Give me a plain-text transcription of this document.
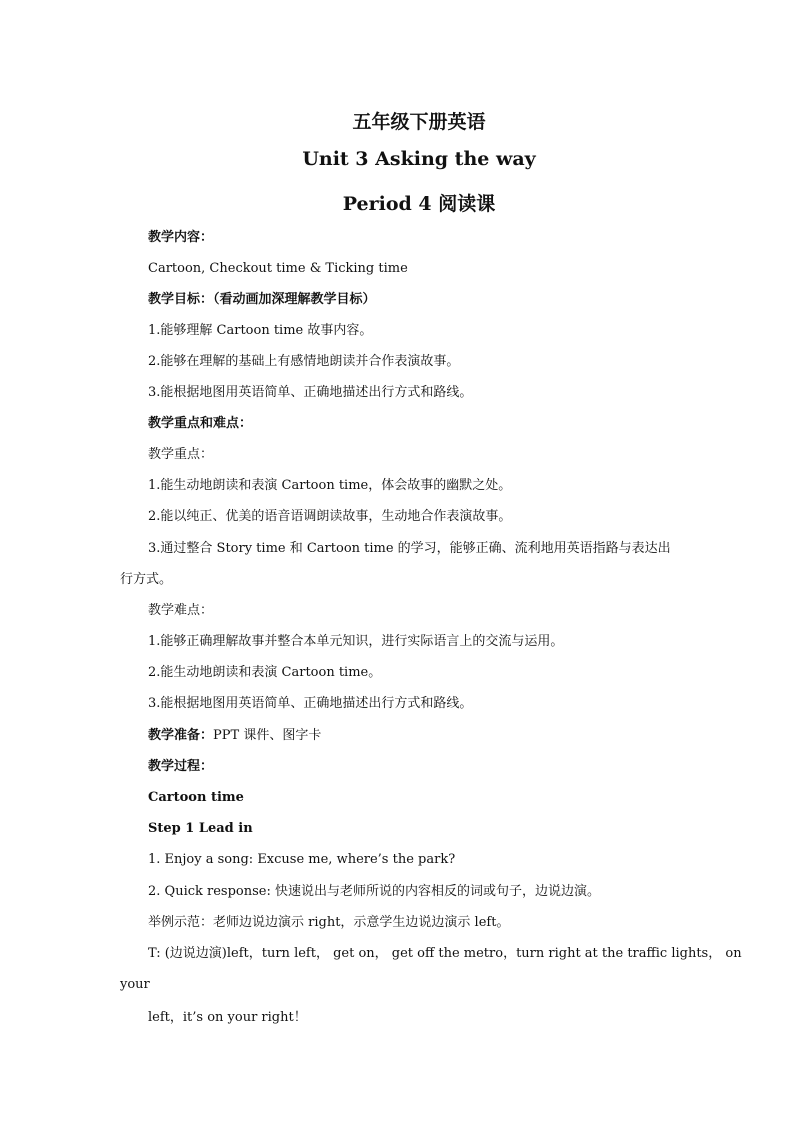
五年级下册英语
Unit 3 Asking the way
Period 4 阅读课
教学内容：
Cartoon, Checkout time & Ticking time
教学目标：（看动画加深理解教学目标）
1.能够理解 Cartoon time 故事内容。
2.能够在理解的基础上有感情地朗读并合作表演故事。
3.能根据地图用英语简单、正确地描述出行方式和路线。
教学重点和难点：
教学重点：
1.能生动地朗读和表演 Cartoon time，体会故事的幽默之处。
2.能以纯正、优美的语音语调朗读故事，生动地合作表演故事。
3.通过整合 Story time 和 Cartoon time 的学习，能够正确、流利地用英语指路与表达出
行方式。
教学难点：
1.能够正确理解故事并整合本单元知识，进行实际语言上的交流与运用。
2.能生动地朗读和表演 Cartoon time。
3.能根据地图用英语简单、正确地描述出行方式和路线。
教学准备：PPT 课件、图字卡
教学过程：
Cartoon time
Step 1 Lead in
1. Enjoy a song: Excuse me, where’s the park?
2. Quick response: 快速说出与老师所说的内容相反的词或句子，边说边演。
举例示范：老师边说边演示 right，示意学生边说边演示 left。
T: (边说边演)left，turn left， get on， get off the metro，turn right at the traffic lights， on
your
left，it’s on your right！
